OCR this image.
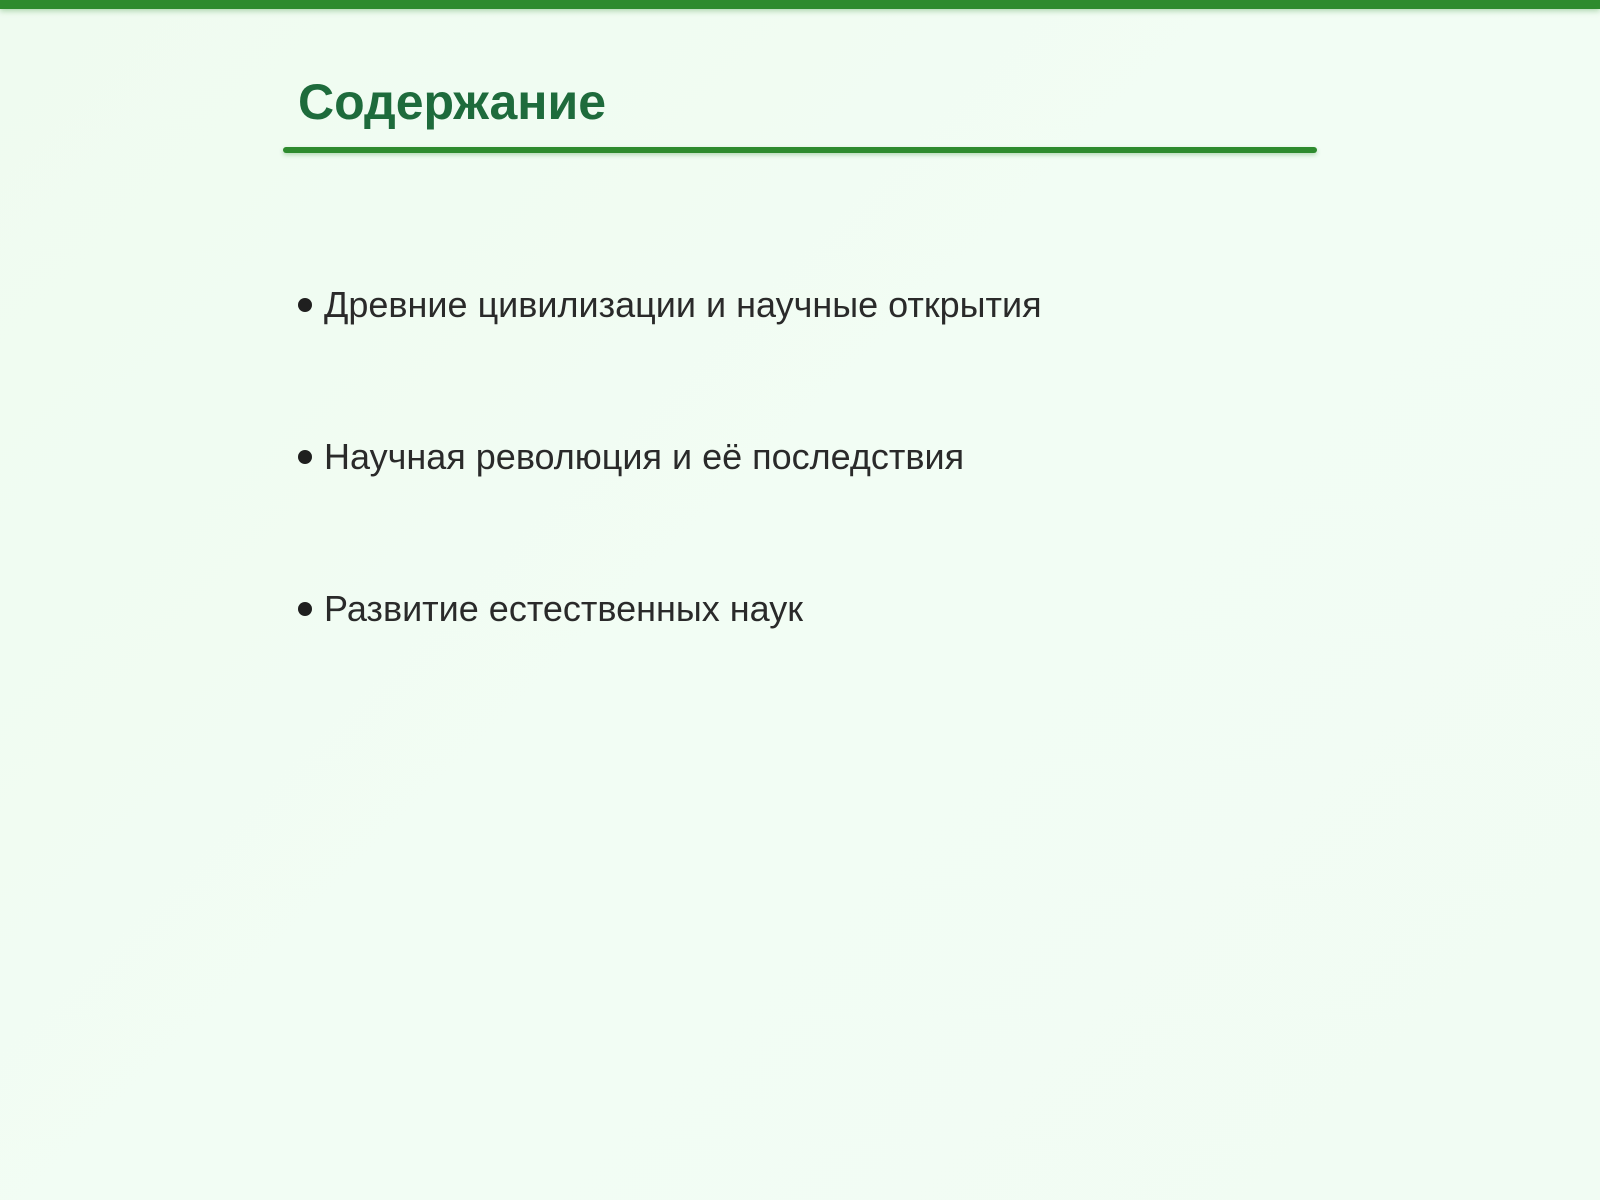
Содержание
Древние цивилизации и научные открытия
Научная революция и её последствия
Развитие естественных наук
